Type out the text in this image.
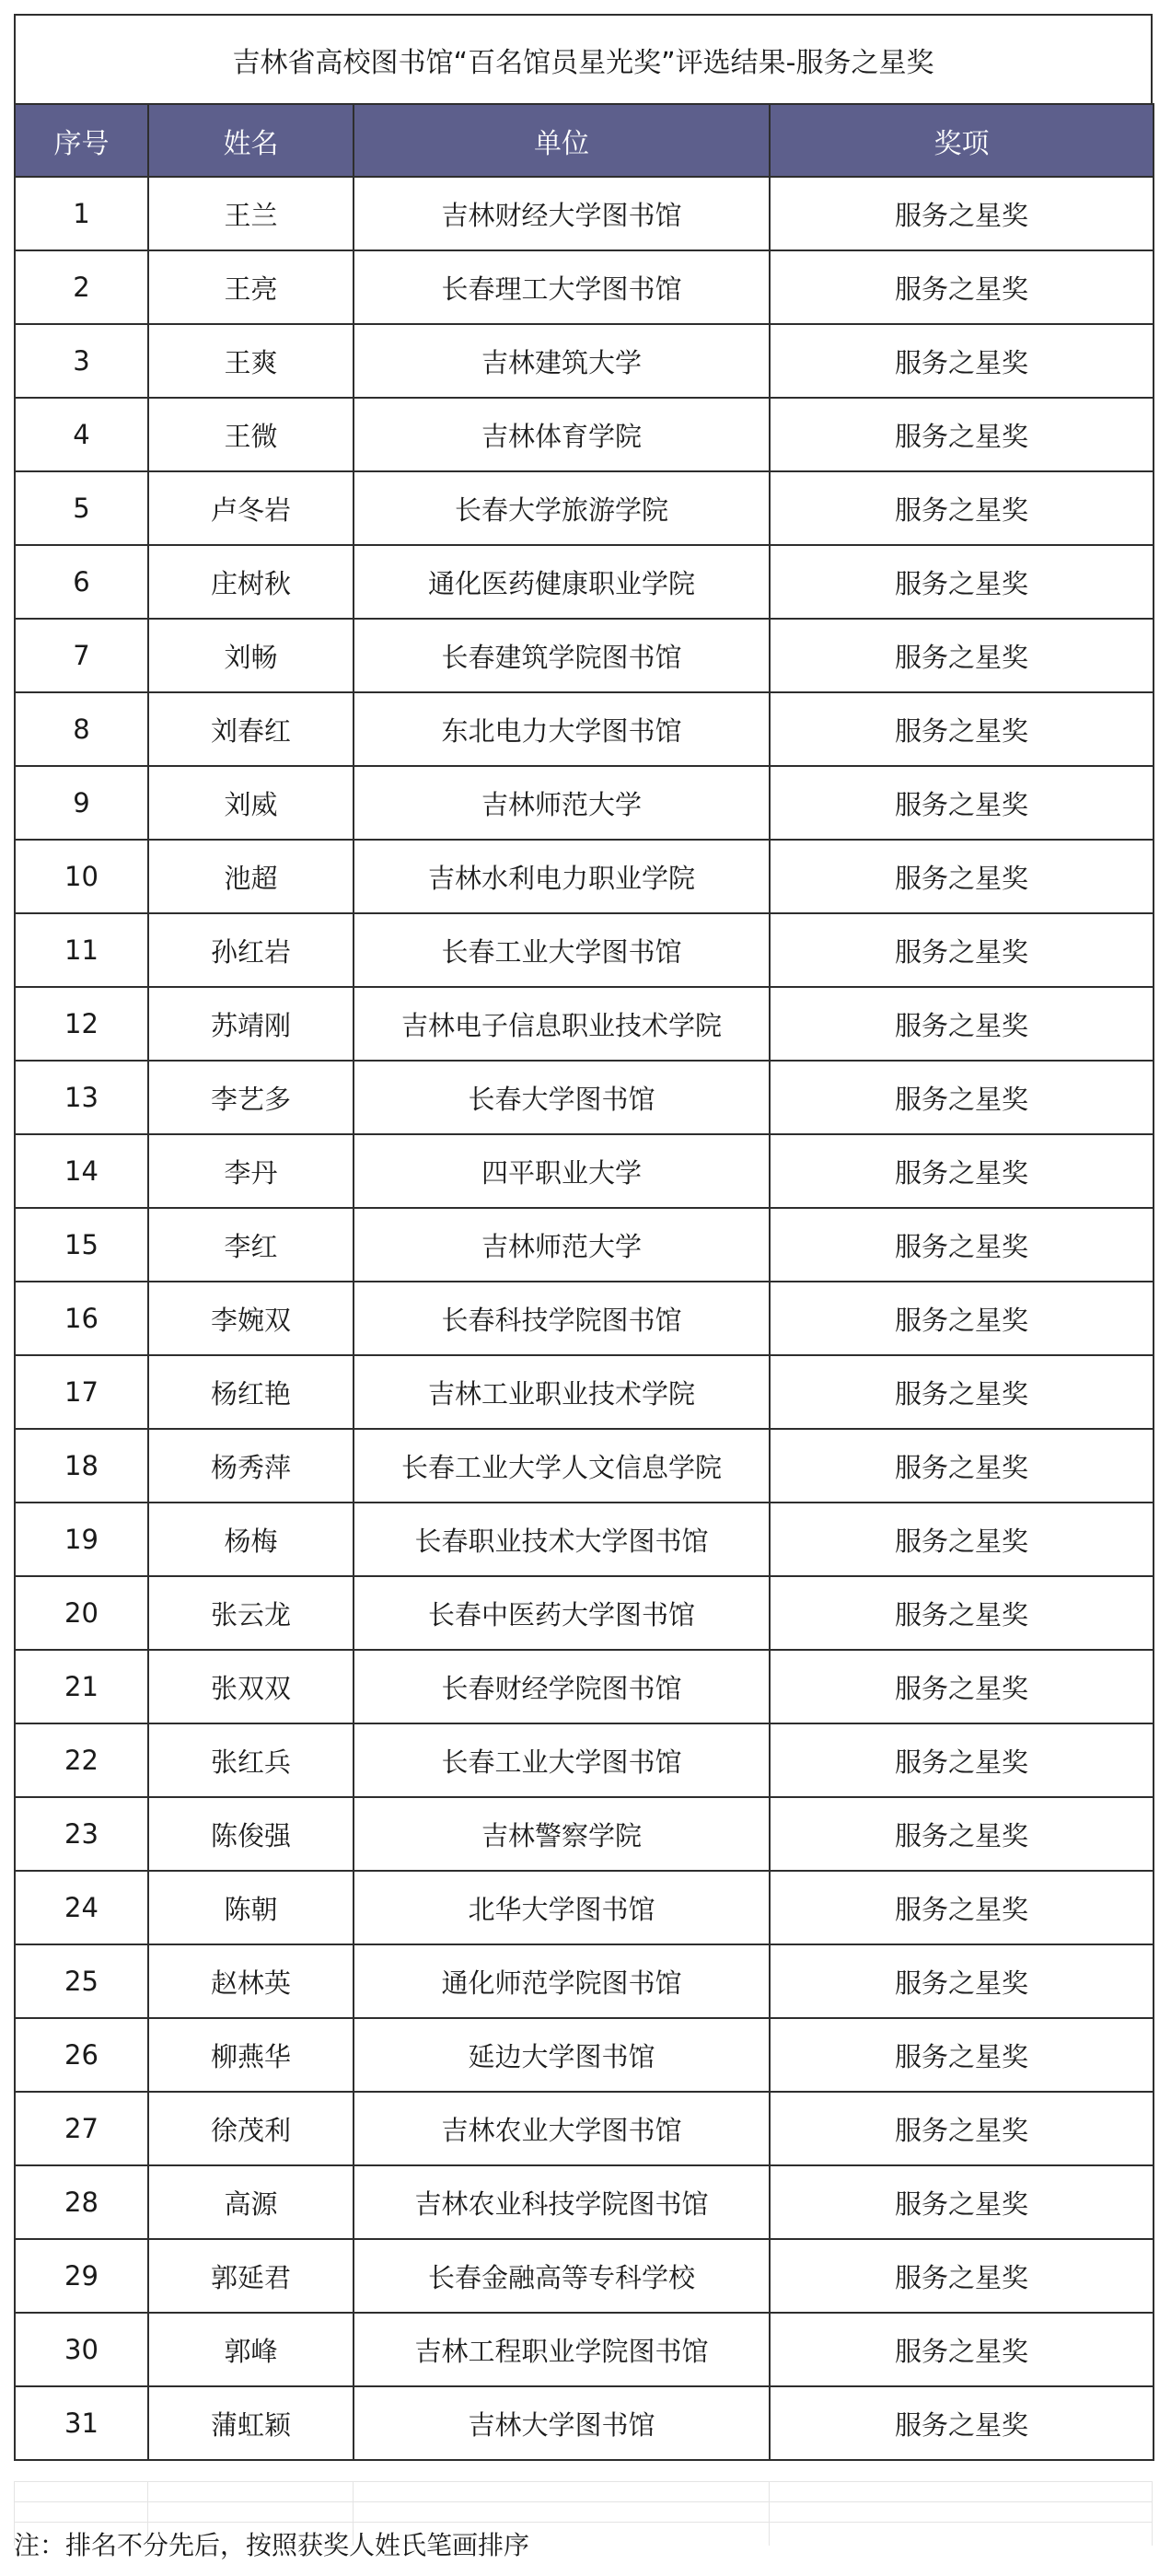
吉林省高校图书馆“百名馆员星光奖”评选结果-服务之星奖
序号	姓名	单位	奖项
1	王兰	吉林财经大学图书馆	服务之星奖
2	王亮	长春理工大学图书馆	服务之星奖
3	王爽	吉林建筑大学	服务之星奖
4	王微	吉林体育学院	服务之星奖
5	卢冬岩	长春大学旅游学院	服务之星奖
6	庄树秋	通化医药健康职业学院	服务之星奖
7	刘畅	长春建筑学院图书馆	服务之星奖
8	刘春红	东北电力大学图书馆	服务之星奖
9	刘威	吉林师范大学	服务之星奖
10	池超	吉林水利电力职业学院	服务之星奖
11	孙红岩	长春工业大学图书馆	服务之星奖
12	苏靖刚	吉林电子信息职业技术学院	服务之星奖
13	李艺多	长春大学图书馆	服务之星奖
14	李丹	四平职业大学	服务之星奖
15	李红	吉林师范大学	服务之星奖
16	李婉双	长春科技学院图书馆	服务之星奖
17	杨红艳	吉林工业职业技术学院	服务之星奖
18	杨秀萍	长春工业大学人文信息学院	服务之星奖
19	杨梅	长春职业技术大学图书馆	服务之星奖
20	张云龙	长春中医药大学图书馆	服务之星奖
21	张双双	长春财经学院图书馆	服务之星奖
22	张红兵	长春工业大学图书馆	服务之星奖
23	陈俊强	吉林警察学院	服务之星奖
24	陈朝	北华大学图书馆	服务之星奖
25	赵林英	通化师范学院图书馆	服务之星奖
26	柳燕华	延边大学图书馆	服务之星奖
27	徐茂利	吉林农业大学图书馆	服务之星奖
28	高源	吉林农业科技学院图书馆	服务之星奖
29	郭延君	长春金融高等专科学校	服务之星奖
30	郭峰	吉林工程职业学院图书馆	服务之星奖
31	蒲虹颖	吉林大学图书馆	服务之星奖
注：排名不分先后，按照获奖人姓氏笔画排序
